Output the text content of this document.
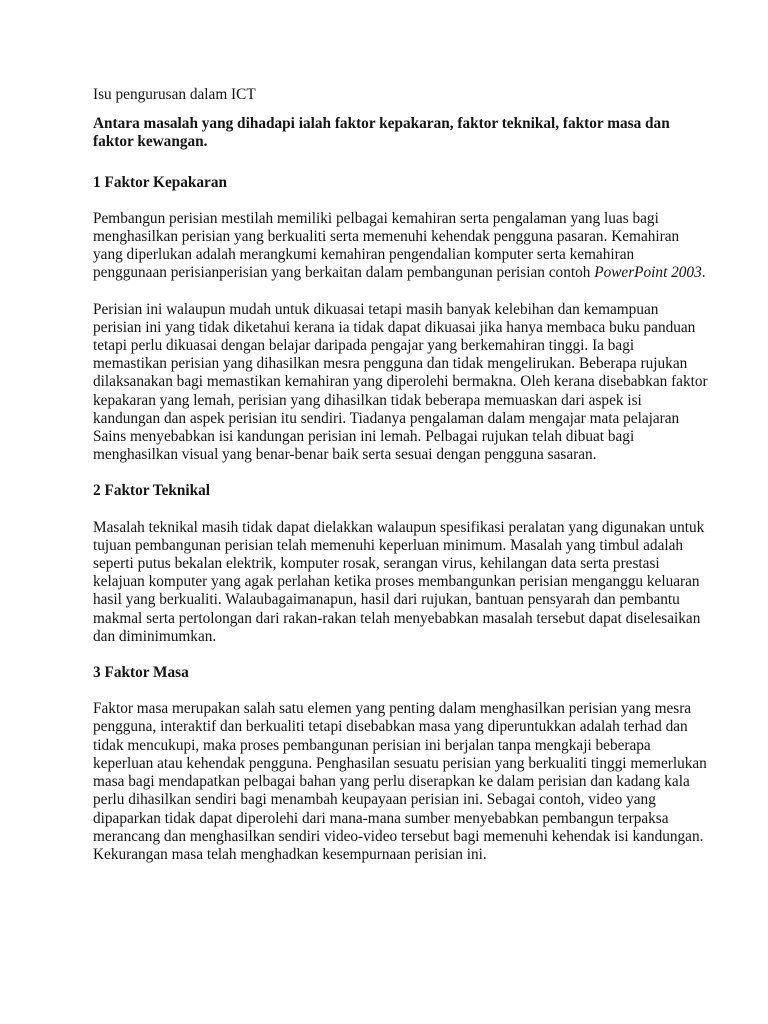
Isu pengurusan dalam ICT

Antara masalah yang dihadapi ialah faktor kepakaran, faktor teknikal, faktor masa dan faktor kewangan.

1 Faktor Kepakaran

Pembangun perisian mestilah memiliki pelbagai kemahiran serta pengalaman yang luas bagi menghasilkan perisian yang berkualiti serta memenuhi kehendak pengguna pasaran. Kemahiran yang diperlukan adalah merangkumi kemahiran pengendalian komputer serta kemahiran penggunaan perisianperisian yang berkaitan dalam pembangunan perisian contoh PowerPoint 2003.

Perisian ini walaupun mudah untuk dikuasai tetapi masih banyak kelebihan dan kemampuan perisian ini yang tidak diketahui kerana ia tidak dapat dikuasai jika hanya membaca buku panduan tetapi perlu dikuasai dengan belajar daripada pengajar yang berkemahiran tinggi. Ia bagi memastikan perisian yang dihasilkan mesra pengguna dan tidak mengelirukan. Beberapa rujukan dilaksanakan bagi memastikan kemahiran yang diperolehi bermakna. Oleh kerana disebabkan faktor kepakaran yang lemah, perisian yang dihasilkan tidak beberapa memuaskan dari aspek isi kandungan dan aspek perisian itu sendiri. Tiadanya pengalaman dalam mengajar mata pelajaran Sains menyebabkan isi kandungan perisian ini lemah. Pelbagai rujukan telah dibuat bagi menghasilkan visual yang benar-benar baik serta sesuai dengan pengguna sasaran.

2 Faktor Teknikal

Masalah teknikal masih tidak dapat dielakkan walaupun spesifikasi peralatan yang digunakan untuk tujuan pembangunan perisian telah memenuhi keperluan minimum. Masalah yang timbul adalah seperti putus bekalan elektrik, komputer rosak, serangan virus, kehilangan data serta prestasi kelajuan komputer yang agak perlahan ketika proses membangunkan perisian menganggu keluaran hasil yang berkualiti. Walaubagaimanapun, hasil dari rujukan, bantuan pensyarah dan pembantu makmal serta pertolongan dari rakan-rakan telah menyebabkan masalah tersebut dapat diselesaikan dan diminimumkan.

3 Faktor Masa

Faktor masa merupakan salah satu elemen yang penting dalam menghasilkan perisian yang mesra pengguna, interaktif dan berkualiti tetapi disebabkan masa yang diperuntukkan adalah terhad dan tidak mencukupi, maka proses pembangunan perisian ini berjalan tanpa mengkaji beberapa keperluan atau kehendak pengguna. Penghasilan sesuatu perisian yang berkualiti tinggi memerlukan masa bagi mendapatkan pelbagai bahan yang perlu diserapkan ke dalam perisian dan kadang kala perlu dihasilkan sendiri bagi menambah keupayaan perisian ini. Sebagai contoh, video yang dipaparkan tidak dapat diperolehi dari mana-mana sumber menyebabkan pembangun terpaksa merancang dan menghasilkan sendiri video-video tersebut bagi memenuhi kehendak isi kandungan. Kekurangan masa telah menghadkan kesempurnaan perisian ini.
